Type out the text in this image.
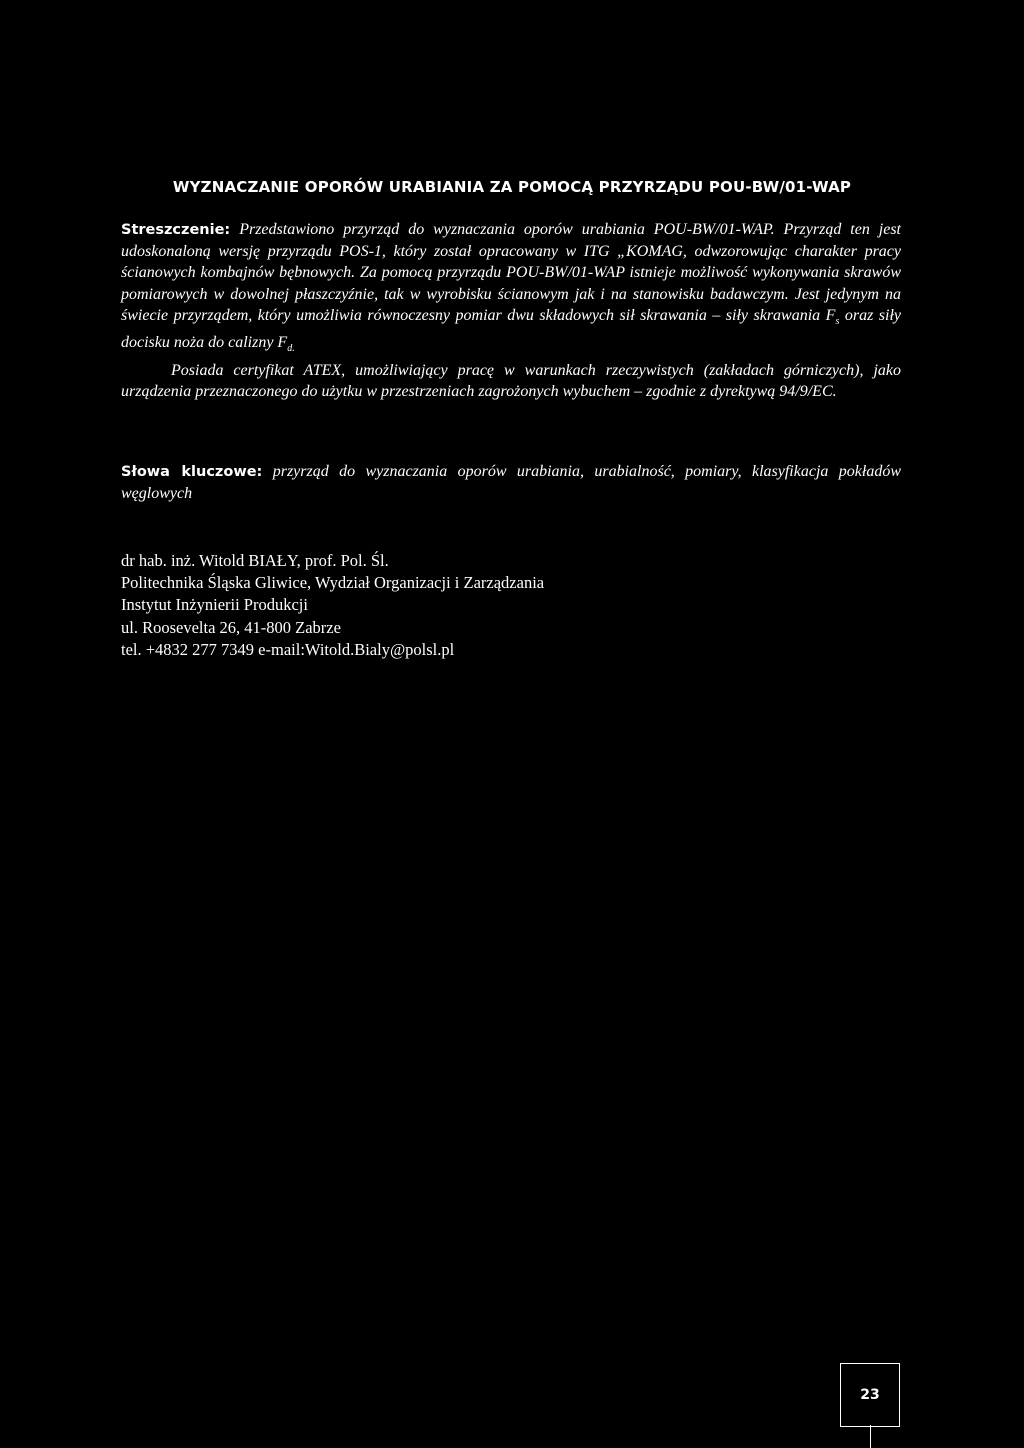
WYZNACZANIE OPORÓW URABIANIA ZA POMOCĄ PRZYRZĄDU POU-BW/01-WAP

Streszczenie: Przedstawiono przyrząd do wyznaczania oporów urabiania POU-BW/01-WAP. Przyrząd ten jest udoskonaloną wersję przyrządu POS-1, który został opracowany w ITG „KOMAG, odwzorowując charakter pracy ścianowych kombajnów bębnowych. Za pomocą przyrządu POU-BW/01-WAP istnieje możliwość wykonywania skrawów pomiarowych w dowolnej płaszczyźnie, tak w wyrobisku ścianowym jak i na stanowisku badawczym. Jest jedynym na świecie przyrządem, który umożliwia równoczesny pomiar dwu składowych sił skrawania – siły skrawania $F_s$ oraz siły docisku noża do calizny $F_{d.}$

Posiada certyfikat ATEX, umożliwiający pracę w warunkach rzeczywistych (zakładach górniczych), jako urządzenia przeznaczonego do użytku w przestrzeniach zagrożonych wybuchem – zgodnie z dyrektywą 94/9/EC.

Słowa kluczowe: przyrząd do wyznaczania oporów urabiania, urabialność, pomiary, klasyfikacja pokładów węglowych

dr hab. inż. Witold BIAŁY, prof. Pol. Śl.
Politechnika Śląska Gliwice, Wydział Organizacji i Zarządzania
Instytut Inżynierii Produkcji
ul. Roosevelta 26, 41-800 Zabrze
tel. +4832 277 7349 e-mail:Witold.Bialy@polsl.pl
23
